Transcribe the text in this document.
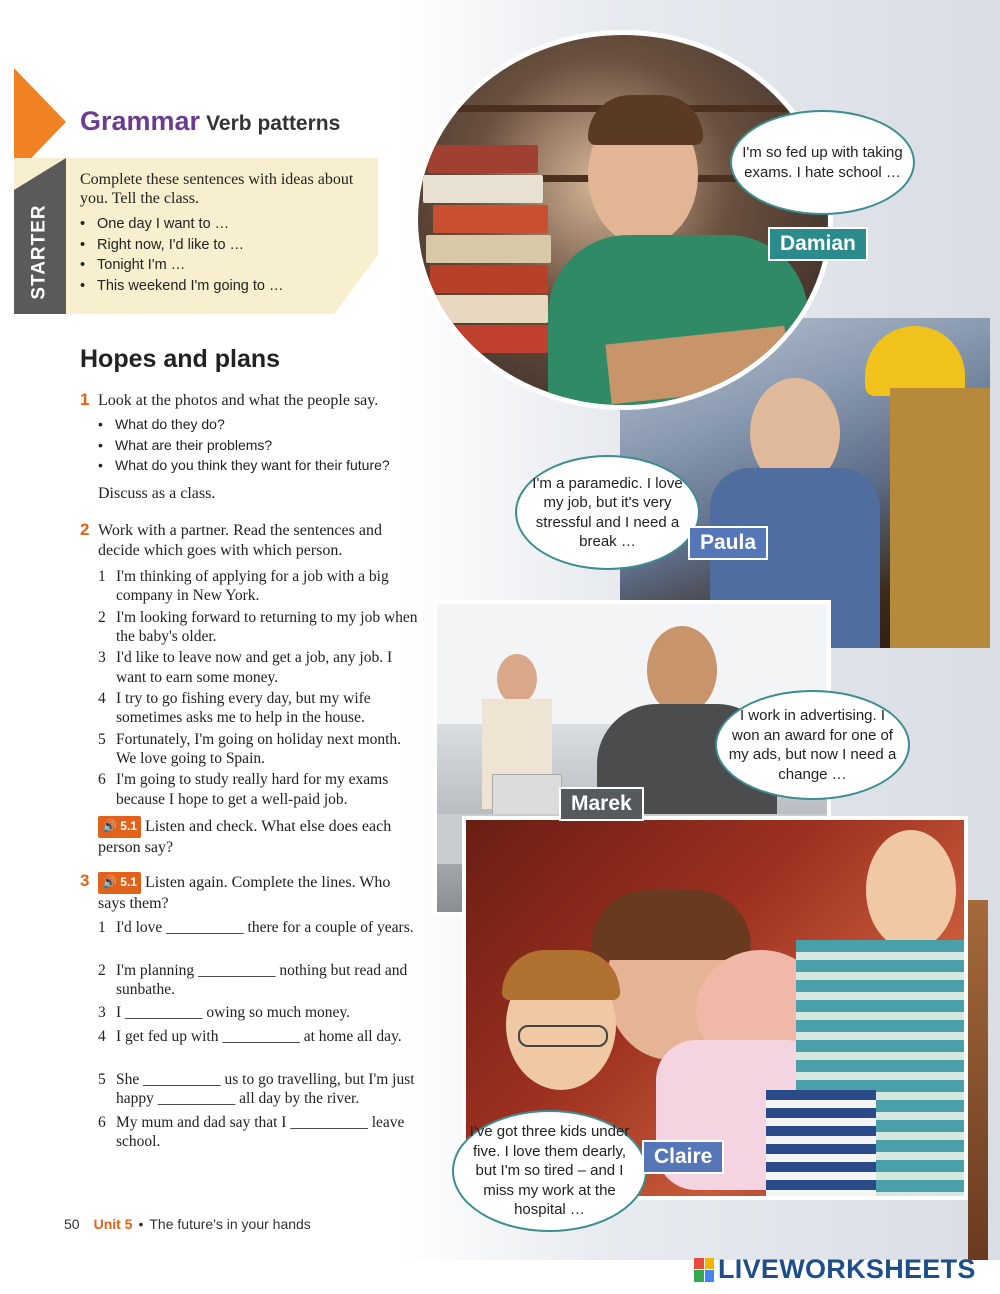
Grammar Verb patterns
STARTER
Complete these sentences with ideas about you. Tell the class.
• One day I want to …
• Right now, I'd like to …
• Tonight I'm …
• This weekend I'm going to …
Hopes and plans
1 Look at the photos and what the people say.
• What do they do?
• What are their problems?
• What do you think they want for their future?
Discuss as a class.
2 Work with a partner. Read the sentences and decide which goes with which person.
1 I'm thinking of applying for a job with a big company in New York.
2 I'm looking forward to returning to my job when the baby's older.
3 I'd like to leave now and get a job, any job. I want to earn some money.
4 I try to go fishing every day, but my wife sometimes asks me to help in the house.
5 Fortunately, I'm going on holiday next month. We love going to Spain.
6 I'm going to study really hard for my exams because I hope to get a well-paid job.
🔊 5.1 Listen and check. What else does each person say?
3	🔊 5.1 Listen again. Complete the lines. Who says them?
1 I'd love __________ there for a couple of years.
2 I'm planning __________ nothing but read and sunbathe.
3 I __________ owing so much money.
4 I get fed up with __________ at home all day.
5 She __________ us to go travelling, but I'm just happy __________ all day by the river.
6 My mum and dad say that I __________ leave school.
I'm so fed up with taking exams. I hate school …
Damian
I'm a paramedic. I love my job, but it's very stressful and I need a break …	Paula
I work in advertising. I won an award for one of my ads, but now I need a change …
Marek
I've got three kids under five. I love them dearly, but I'm so tired – and I miss my work at the hospital …
Claire
50 Unit 5 • The future's in your hands
LIVEWORKSHEETS
